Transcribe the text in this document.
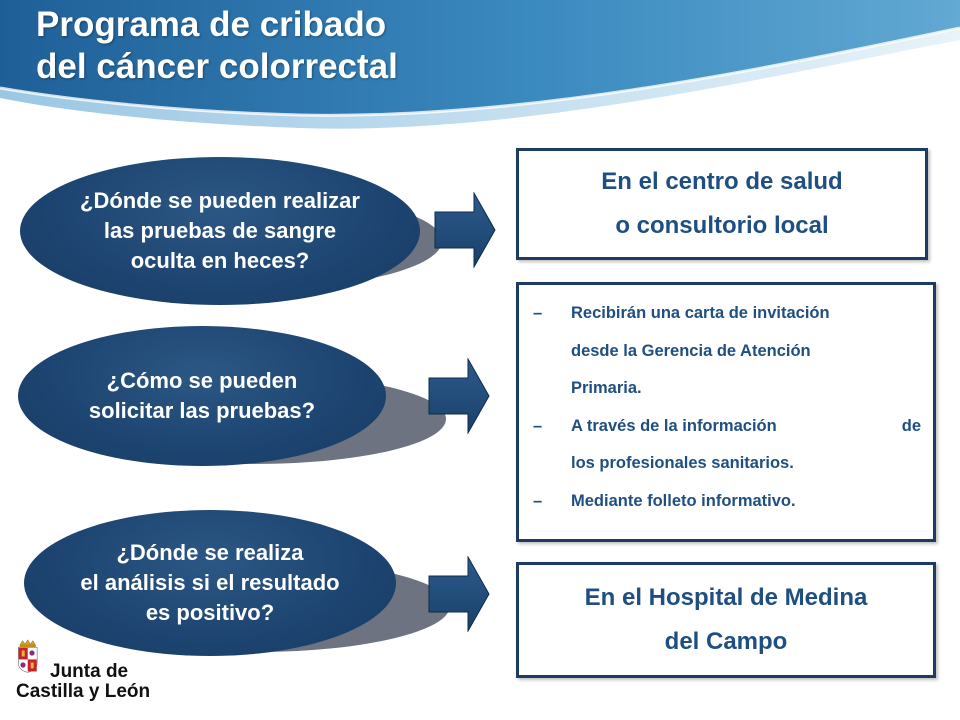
Programa de cribado
del cáncer colorrectal
¿Dónde se pueden realizar
las pruebas de sangre
oculta en heces?
En el centro de salud
o consultorio local
¿Cómo se pueden
solicitar las pruebas?
–	Recibirán una carta de invitación
desde la Gerencia de Atención
Primaria.
–	A través de la información	de
los profesionales sanitarios.
–	Mediante folleto informativo.
¿Dónde se realiza
el análisis si el resultado
es positivo?
En el Hospital de Medina
del Campo
Junta de
Castilla y León
